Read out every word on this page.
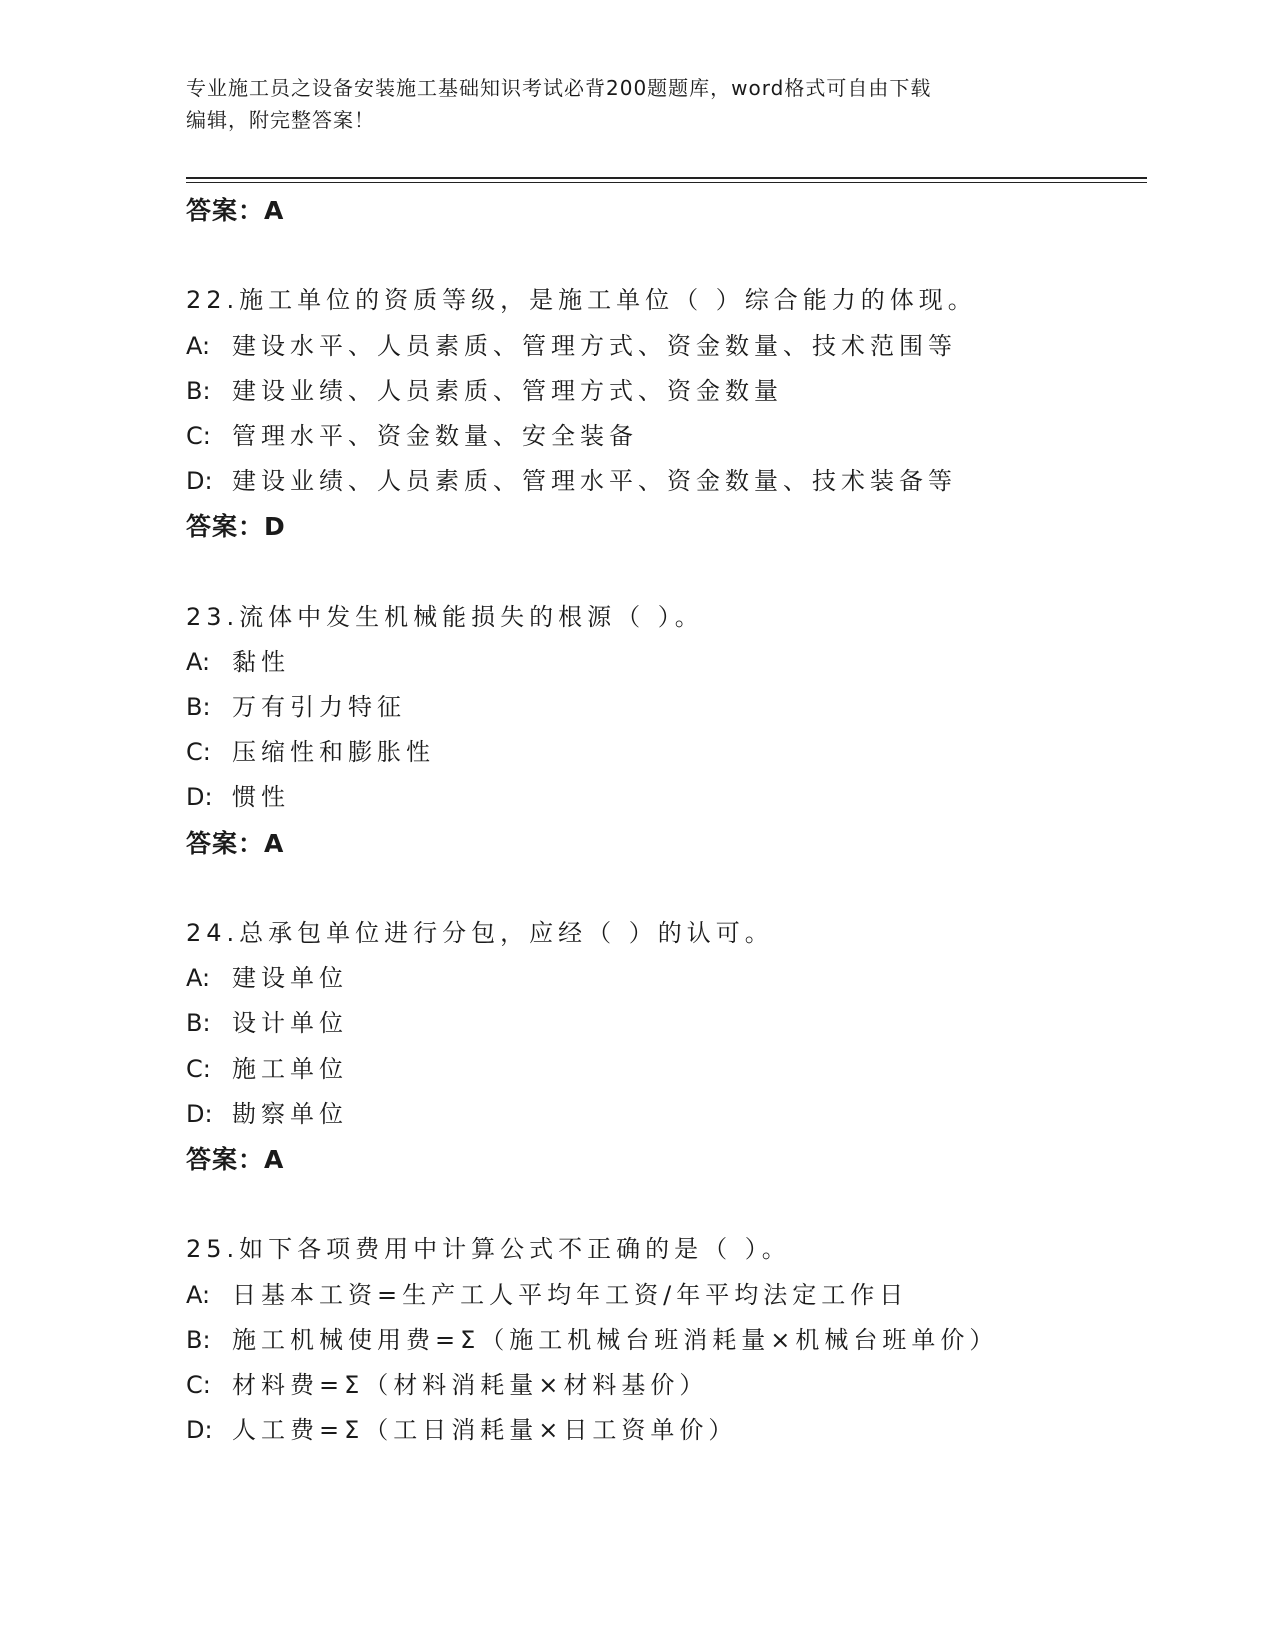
专业施工员之设备安装施工基础知识考试必背200题题库，word格式可自由下载
编辑，附完整答案！
答案：A
22.施工单位的资质等级，是施工单位（ ）综合能力的体现。
A: 建设水平、人员素质、管理方式、资金数量、技术范围等
B: 建设业绩、人员素质、管理方式、资金数量
C: 管理水平、资金数量、安全装备
D: 建设业绩、人员素质、管理水平、资金数量、技术装备等
答案：D
23.流体中发生机械能损失的根源（ ）。
A: 黏性
B: 万有引力特征
C: 压缩性和膨胀性
D: 惯性
答案：A
24.总承包单位进行分包，应经（ ）的认可。
A: 建设单位
B: 设计单位
C: 施工单位
D: 勘察单位
答案：A
25.如下各项费用中计算公式不正确的是（ ）。
A: 日基本工资=生产工人平均年工资/年平均法定工作日
B: 施工机械使用费=Σ（施工机械台班消耗量×机械台班单价）
C: 材料费=Σ（材料消耗量×材料基价）
D: 人工费=Σ（工日消耗量×日工资单价）
